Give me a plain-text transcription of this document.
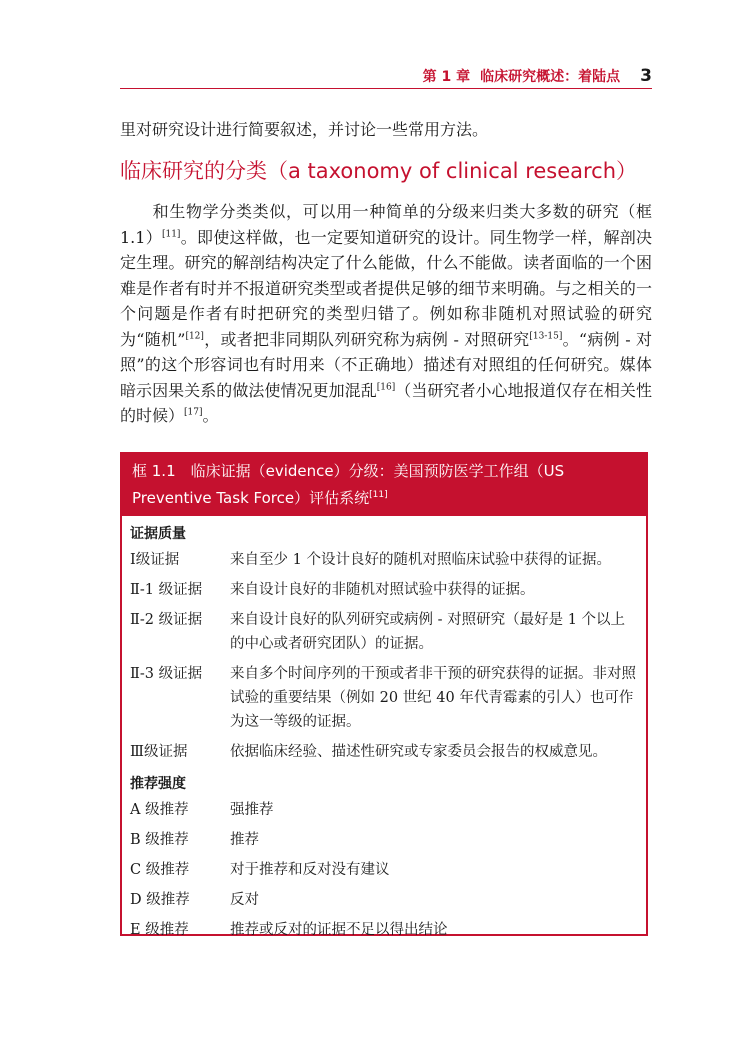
第 1 章 临床研究概述：着陆点 3

里对研究设计进行简要叙述，并讨论一些常用方法。

临床研究的分类（a taxonomy of clinical research）

和生物学分类类似，可以用一种简单的分级来归类大多数的研究（框 1.1）[11]。即使这样做，也一定要知道研究的设计。同生物学一样，解剖决定生理。研究的解剖结构决定了什么能做，什么不能做。读者面临的一个困难是作者有时并不报道研究类型或者提供足够的细节来明确。与之相关的一个问题是作者有时把研究的类型归错了。例如称非随机对照试验的研究为“随机”[12]，或者把非同期队列研究称为病例 - 对照研究[13-15]。“病例 - 对照”的这个形容词也有时用来（不正确地）描述有对照组的任何研究。媒体暗示因果关系的做法使情况更加混乱[16]（当研究者小心地报道仅存在相关性的时候）[17]。

框 1.1　临床证据（evidence）分级：美国预防医学工作组（US Preventive Task Force）评估系统[11]
证据质量
Ⅰ级证据	来自至少 1 个设计良好的随机对照临床试验中获得的证据。
Ⅱ-1 级证据	来自设计良好的非随机对照试验中获得的证据。
Ⅱ-2 级证据	来自设计良好的队列研究或病例 - 对照研究（最好是 1 个以上的中心或者研究团队）的证据。
Ⅱ-3 级证据	来自多个时间序列的干预或者非干预的研究获得的证据。非对照试验的重要结果（例如 20 世纪 40 年代青霉素的引人）也可作为这一等级的证据。
Ⅲ级证据	依据临床经验、描述性研究或专家委员会报告的权威意见。
推荐强度
A 级推荐	强推荐
B 级推荐	推荐
C 级推荐	对于推荐和反对没有建议
D 级推荐	反对
E 级推荐	推荐或反对的证据不足以得出结论
